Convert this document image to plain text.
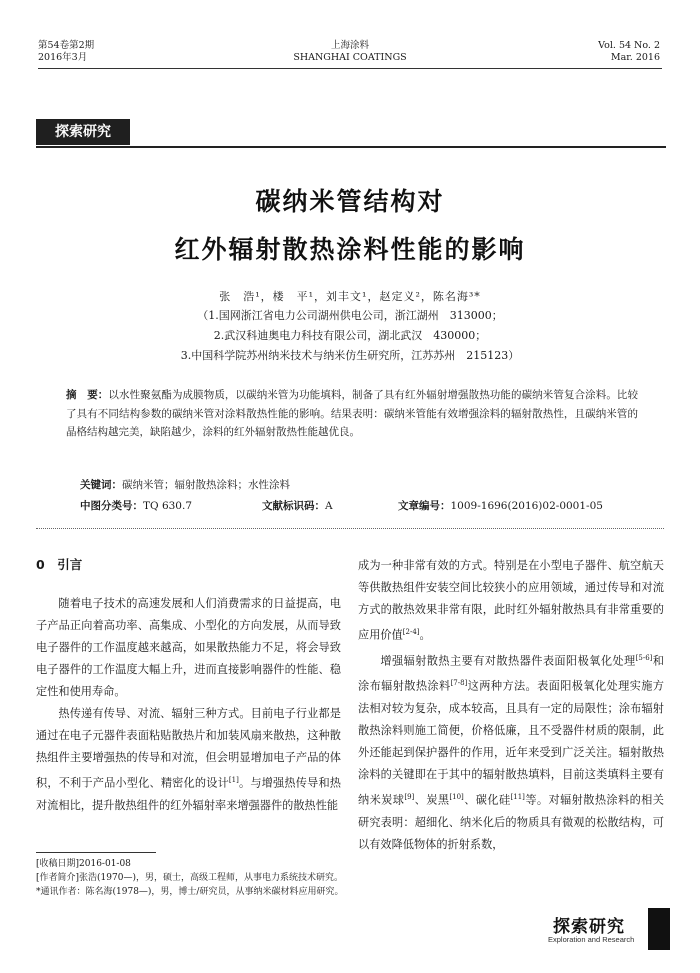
第54卷第2期
2016年3月
上海涂料
SHANGHAI COATINGS
Vol. 54 No. 2
Mar. 2016
探索研究
碳纳米管结构对
红外辐射散热涂料性能的影响
张　浩¹，楼　平¹，刘丰文¹，赵定义²，陈名海³*
（1.国网浙江省电力公司湖州供电公司，浙江湖州　313000；
2.武汉科迪奥电力科技有限公司，湖北武汉　430000；
3.中国科学院苏州纳米技术与纳米仿生研究所，江苏苏州　215123）
摘　要：以水性聚氨酯为成膜物质，以碳纳米管为功能填料，制备了具有红外辐射增强散热功能的碳纳米管复合涂料。比较了具有不同结构参数的碳纳米管对涂料散热性能的影响。结果表明：碳纳米管能有效增强涂料的辐射散热性，且碳纳米管的晶格结构越完美，缺陷越少，涂料的红外辐射散热性能越优良。
关键词：碳纳米管；辐射散热涂料；水性涂料
中图分类号：TQ 630.7	文献标识码：A	文章编号：1009-1696(2016)02-0001-05
0　引言

随着电子技术的高速发展和人们消费需求的日益提高，电子产品正向着高功率、高集成、小型化的方向发展，从而导致电子器件的工作温度越来越高，如果散热能力不足，将会导致电子器件的工作温度大幅上升，进而直接影响器件的性能、稳定性和使用寿命。

热传递有传导、对流、辐射三种方式。目前电子行业都是通过在电子元器件表面粘贴散热片和加装风扇来散热，这种散热组件主要增强热的传导和对流，但会明显增加电子产品的体积，不利于产品小型化、精密化的设计[1]。与增强热传导和热对流相比，提升散热组件的红外辐射率来增强器件的散热性能

成为一种非常有效的方式。特别是在小型电子器件、航空航天等供散热组件安装空间比较狭小的应用领域，通过传导和对流方式的散热效果非常有限，此时红外辐射散热具有非常重要的应用价值[2-4]。

增强辐射散热主要有对散热器件表面阳极氧化处理[5-6]和涂布辐射散热涂料[7-8]这两种方法。表面阳极氧化处理实施方法相对较为复杂，成本较高，且具有一定的局限性；涂布辐射散热涂料则施工简便，价格低廉，且不受器件材质的限制，此外还能起到保护器件的作用，近年来受到广泛关注。辐射散热涂料的关键即在于其中的辐射散热填料，目前这类填料主要有纳米炭球[9]、炭黑[10]、碳化硅[11]等。对辐射散热涂料的相关研究表明：超细化、纳米化后的物质具有微观的松散结构，可以有效降低物体的折射系数，

[收稿日期]2016-01-08
[作者简介]张浩(1970—)，男，硕士，高级工程师，从事电力系统技术研究。
*通讯作者：陈名海(1978—)，男，博士/研究员，从事纳米碳材料应用研究。
探索研究
Exploration and Research
